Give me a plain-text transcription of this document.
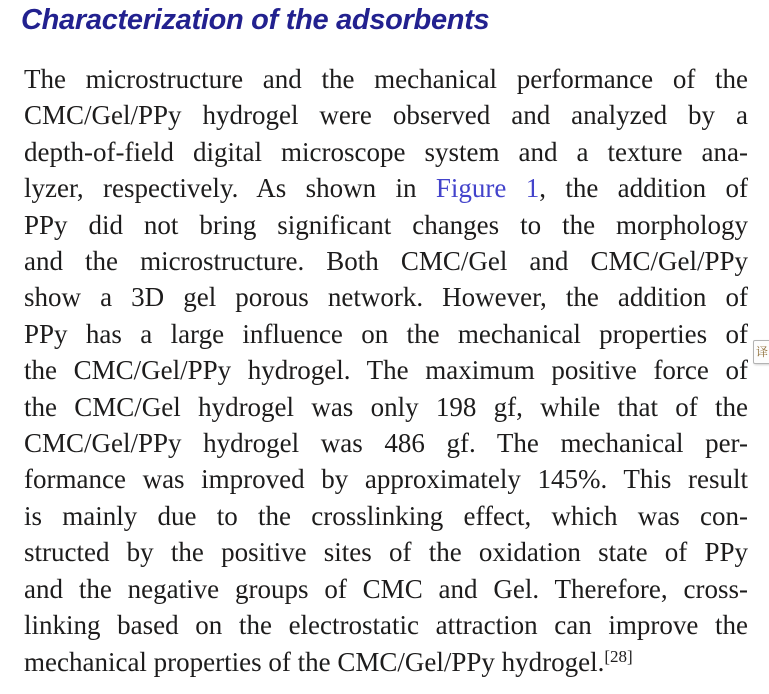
Characterization of the adsorbents
The microstructure and the mechanical performance of the
CMC/Gel/PPy hydrogel were observed and analyzed by a
depth-of-field digital microscope system and a texture ana-
lyzer, respectively. As shown in Figure 1, the addition of
PPy did not bring significant changes to the morphology
and the microstructure. Both CMC/Gel and CMC/Gel/PPy
show a 3D gel porous network. However, the addition of
PPy has a large influence on the mechanical properties of
the CMC/Gel/PPy hydrogel. The maximum positive force of
the CMC/Gel hydrogel was only 198 gf, while that of the
CMC/Gel/PPy hydrogel was 486 gf. The mechanical per-
formance was improved by approximately 145%. This result
is mainly due to the crosslinking effect, which was con-
structed by the positive sites of the oxidation state of PPy
and the negative groups of CMC and Gel. Therefore, cross-
linking based on the electrostatic attraction can improve the
mechanical properties of the CMC/Gel/PPy hydrogel.[28]
译
